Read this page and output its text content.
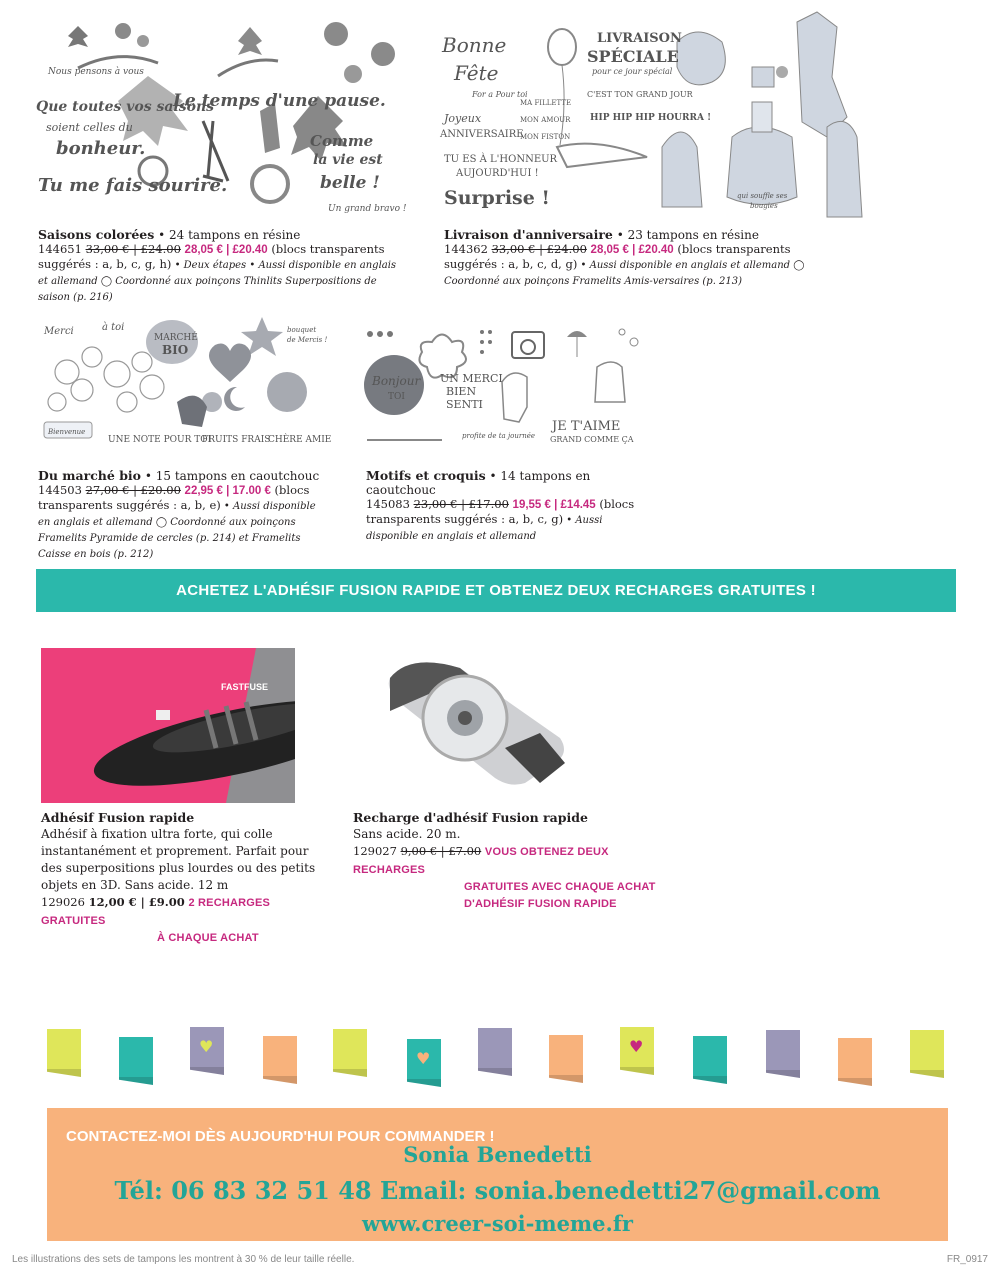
Nous pensons à vous
Que toutes vos saisons
soient celles du
bonheur.
Tu me fais sourire.
Le temps d'une pause.
Comme
la vie est
belle !
Un grand bravo !
Saisons colorées • 24 tampons en résine
144651 33,00 € | £24.00 28,05 € | £20.40 (blocs transparents suggérés : a, b, c, g, h) • Deux étapes • Aussi disponible en anglais et allemand ◯ Coordonné aux poinçons Thinlits Superpositions de saison (p. 216)
Bonne
Fête
LIVRAISON
SPÉCIALE
pour ce jour spécial
For a Pour toi
Joyeux
ANNIVERSAIRE
MA FILLETTE
MON AMOUR
MON FISTON
C'EST TON GRAND JOUR
HIP HIP HIP HOURRA !
TU ES À L'HONNEUR
AUJOURD'HUI !
Surprise !	qui souffle ses
bougies
Livraison d'anniversaire • 23 tampons en résine
144362 33,00 € | £24.00 28,05 € | £20.40 (blocs transparents suggérés : a, b, c, d, g) • Aussi disponible en anglais et allemand ◯ Coordonné aux poinçons Framelits Amis-versaires (p. 213)
Merci	à toi
MARCHÉ
BIO
bouquet
de Mercis !
Bienvenue
UNE NOTE POUR TOI
FRUITS FRAIS
CHÈRE AMIE
Du marché bio • 15 tampons en caoutchouc
144503 27,00 € | £20.00 22,95 € | 17.00 € (blocs transparents suggérés : a, b, e) • Aussi disponible en anglais et allemand ◯ Coordonné aux poinçons Framelits Pyramide de cercles (p. 214) et Framelits Caisse en bois (p. 212)
Bonjour
TOI
UN MERCI
BIEN
SENTI
profite de ta journée
JE T'AIME
GRAND COMME ÇA
Motifs et croquis • 14 tampons en caoutchouc
145083 23,00 € | £17.00 19,55 € | £14.45 (blocs transparents suggérés : a, b, c, g) • Aussi disponible en anglais et allemand
ACHETEZ L'ADHÉSIF FUSION RAPIDE ET OBTENEZ DEUX RECHARGES GRATUITES !
FASTFUSE
Adhésif Fusion rapide
Adhésif à fixation ultra forte, qui colle instantanément et proprement. Parfait pour des superpositions plus lourdes ou des petits objets en 3D. Sans acide. 12 m
129026 12,00 € | £9.00 2 RECHARGES GRATUITES
À CHAQUE ACHAT
Recharge d'adhésif Fusion rapide
Sans acide. 20 m.
129027 9,00 € | £7.00 VOUS OBTENEZ DEUX RECHARGES
GRATUITES AVEC CHAQUE ACHAT
D'ADHÉSIF FUSION RAPIDE
♥
♥
♥
CONTACTEZ-MOI DÈS AUJOURD'HUI POUR COMMANDER !
Sonia Benedetti
Tél: 06 83 32 51 48 Email: sonia.benedetti27@gmail.com
www.creer-soi-meme.fr
Les illustrations des sets de tampons les montrent à 30 % de leur taille réelle.	FR_0917
